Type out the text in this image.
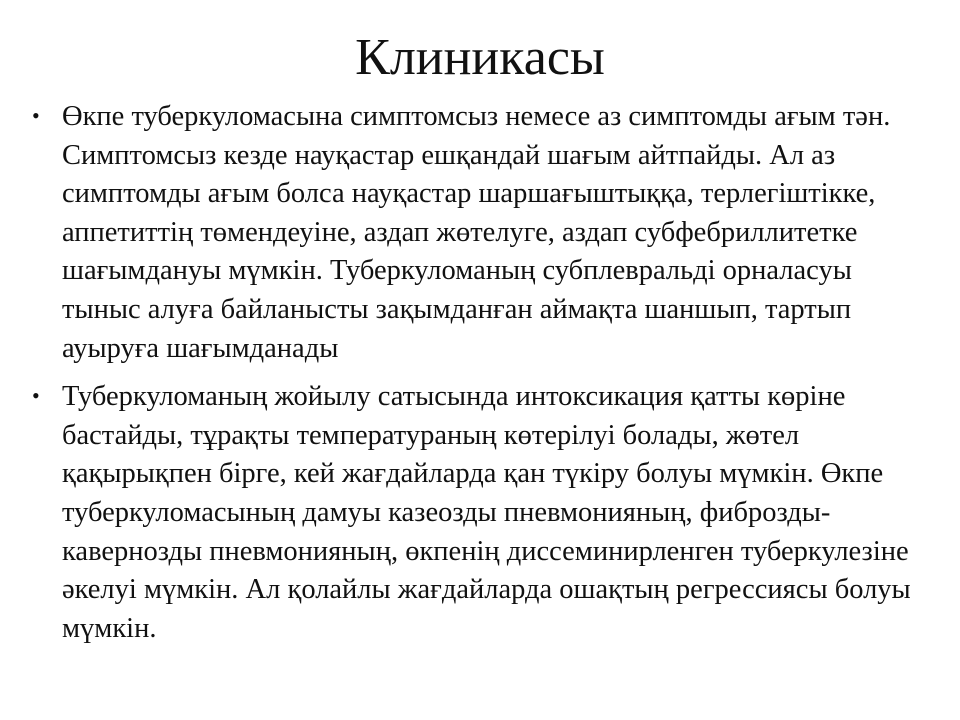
Клиникасы
• Өкпе туберкуломасына симптомсыз немесе аз симптомды ағым тән. Симптомсыз кезде науқастар ешқандай шағым айтпайды. Ал аз симптомды ағым болса науқастар шаршағыштыққа, терлегіштікке, аппетиттің төмендеуіне, аздап жөтелуге, аздап субфебриллитетке шағымдануы мүмкін. Туберкуломаның субплевральді орналасуы тыныс алуға байланысты зақымданған аймақта шаншып, тартып ауыруға шағымданады
• Туберкуломаның жойылу сатысында интоксикация қатты көріне бастайды, тұрақты температураның көтерілуі болады, жөтел қақырықпен бірге, кей жағдайларда қан түкіру болуы мүмкін. Өкпе туберкуломасының дамуы казеозды пневмонияның, фиброзды-кавернозды пневмонияның, өкпенің диссеминирленген туберкулезіне әкелуі мүмкін. Ал қолайлы жағдайларда ошақтың регрессиясы болуы мүмкін.
